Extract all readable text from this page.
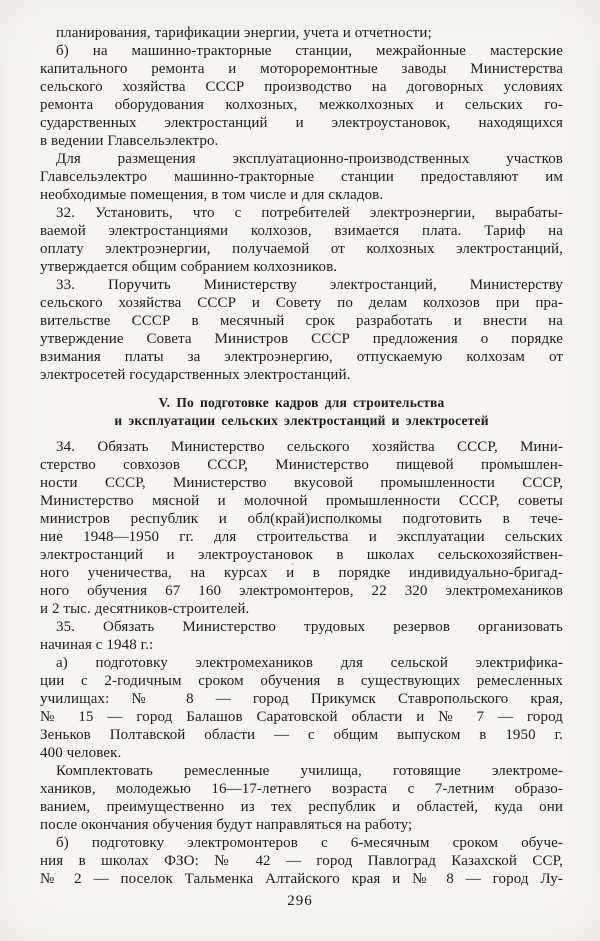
планирования, тарификации энергии, учета и отчетности;
б) на машинно-тракторные станции, межрайонные мастерские
капитального ремонта и мотороремонтные заводы Министерства
сельского хозяйства СССР производство на договорных условиях
ремонта оборудования колхозных, межколхозных и сельских го-
сударственных электростанций и электроустановок, находящихся
в ведении Главсельэлектро.
Для размещения эксплуатационно-производственных участков
Главсельэлектро машинно-тракторные станции предоставляют им
необходимые помещения, в том числе и для складов.
32. Установить, что с потребителей электроэнергии, вырабаты-
ваемой электростанциями колхозов, взимается плата. Тариф на
оплату электроэнергии, получаемой от колхозных электростанций,
утверждается общим собранием колхозников.
33. Поручить Министерству электростанций, Министерству
сельского хозяйства СССР и Совету по делам колхозов при пра-
вительстве СССР в месячный срок разработать и внести на
утверждение Совета Министров СССР предложения о порядке
взимания платы за электроэнергию, отпускаемую колхозам от
электросетей государственных электростанций.
V. По подготовке кадров для строительства
и эксплуатации сельских электростанций и электросетей
34. Обязать Министерство сельского хозяйства СССР, Мини-
стерство совхозов СССР, Министерство пищевой промышлен-
ности СССР, Министерство вкусовой промышленности СССР,
Министерство мясной и молочной промышленности СССР, советы
министров республик и обл(край)исполкомы подготовить в тече-
ние 1948—1950 гг. для строительства и эксплуатации сельских
электростанций и электроустановок в школах сельскохозяйствен-
ного ученичества, на курсах и в порядке индивидуально-бригад-
ного обучения 67 160 электромонтеров, 22 320 электромехаников
и 2 тыс. десятников-строителей.
35. Обязать Министерство трудовых резервов организовать
начиная с 1948 г.:
а) подготовку электромехаников для сельской электрифика-
ции с 2-годичным сроком обучения в существующих ремесленных
училищах: № 8 — город Прикумск Ставропольского края,
№ 15 — город Балашов Саратовской области и № 7 — город
Зеньков Полтавской области — с общим выпуском в 1950 г.
400 человек.
Комплектовать ремесленные училища, готовящие электроме-
хаников, молодежью 16—17-летнего возраста с 7-летним образо-
ванием, преимущественно из тех республик и областей, куда они
после окончания обучения будут направляться на работу;
б) подготовку электромонтеров с 6-месячным сроком обуче-
ния в школах ФЗО: № 42 — город Павлоград Казахской ССР,
№ 2 — поселок Тальменка Алтайского края и № 8 — город Лу-
296
